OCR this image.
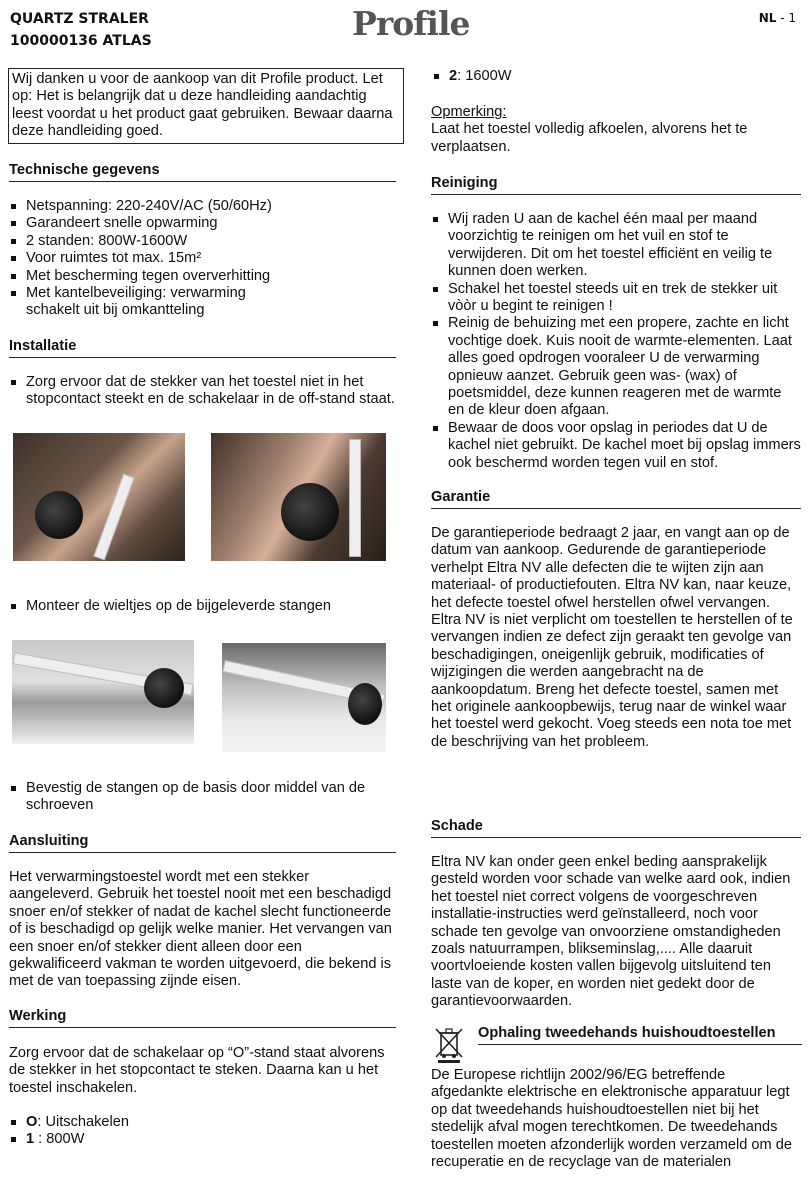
QUARTZ STRALER
100000136 ATLAS	Profile	NL - 1
Wij danken u voor de aankoop van dit Profile product. Let op: Het is belangrijk dat u deze handleiding aandachtig leest voordat u het product gaat gebruiken. Bewaar daarna deze handleiding goed.
Technische gegevens
Netspanning: 220-240V/AC (50/60Hz)
Garandeert snelle opwarming
2 standen: 800W-1600W
Voor ruimtes tot max. 15m²
Met bescherming tegen oververhitting
Met kantelbeveiliging: verwarming schakelt uit bij omkantteling
Installatie
Zorg ervoor dat de stekker van het toestel niet in het stopcontact steekt en de schakelaar in de off-stand staat.
Monteer de wieltjes op de bijgeleverde stangen
Bevestig de stangen op de basis door middel van de schroeven
Aansluiting
Het verwarmingstoestel wordt met een stekker aangeleverd. Gebruik het toestel nooit met een beschadigd snoer en/of stekker of nadat de kachel slecht functioneerde of is beschadigd op gelijk welke manier. Het vervangen van een snoer en/of stekker dient alleen door een gekwalificeerd vakman te worden uitgevoerd, die bekend is met de van toepassing zijnde eisen.
Werking
Zorg ervoor dat de schakelaar op “O”-stand staat alvorens de stekker in het stopcontact te steken. Daarna kan u het toestel inschakelen.
O: Uitschakelen
1 : 800W
2: 1600W
Opmerking:
Laat het toestel volledig afkoelen, alvorens het te verplaatsen.
Reiniging
Wij raden U aan de kachel één maal per maand voorzichtig te reinigen om het vuil en stof te verwijderen. Dit om het toestel efficiënt en veilig te kunnen doen werken.
Schakel het toestel steeds uit en trek de stekker uit vòòr u begint te reinigen !
Reinig de behuizing met een propere, zachte en licht vochtige doek. Kuis nooit de warmte-elementen. Laat alles goed opdrogen vooraleer U de verwarming opnieuw aanzet. Gebruik geen was- (wax) of poetsmiddel, deze kunnen reageren met de warmte en de kleur doen afgaan.
Bewaar de doos voor opslag in periodes dat U de kachel niet gebruikt. De kachel moet bij opslag immers ook beschermd worden tegen vuil en stof.
Garantie
De garantieperiode bedraagt 2 jaar, en vangt aan op de datum van aankoop. Gedurende de garantieperiode verhelpt Eltra NV alle defecten die te wijten zijn aan materiaal- of productiefouten. Eltra NV kan, naar keuze, het defecte toestel ofwel herstellen ofwel vervangen. Eltra NV is niet verplicht om toestellen te herstellen of te vervangen indien ze defect zijn geraakt ten gevolge van beschadigingen, oneigenlijk gebruik, modificaties of wijzigingen die werden aangebracht na de aankoopdatum. Breng het defecte toestel, samen met het originele aankoopbewijs, terug naar de winkel waar het toestel werd gekocht. Voeg steeds een nota toe met de beschrijving van het probleem.
Schade
Eltra NV kan onder geen enkel beding aansprakelijk gesteld worden voor schade van welke aard ook, indien het toestel niet correct volgens de voorgeschreven installatie-instructies werd geïnstalleerd, noch voor schade ten gevolge van onvoorziene omstandigheden zoals natuurrampen, blikseminslag,.... Alle daaruit voortvloeiende kosten vallen bijgevolg uitsluitend ten laste van de koper, en worden niet gedekt door de garantievoorwaarden.
Ophaling tweedehands huishoudtoestellen
De Europese richtlijn 2002/96/EG betreffende afgedankte elektrische en elektronische apparatuur legt op dat tweedehands huishoudtoestellen niet bij het stedelijk afval mogen terechtkomen. De tweedehands toestellen moeten afzonderlijk worden verzameld om de recuperatie en de recyclage van de materialen
